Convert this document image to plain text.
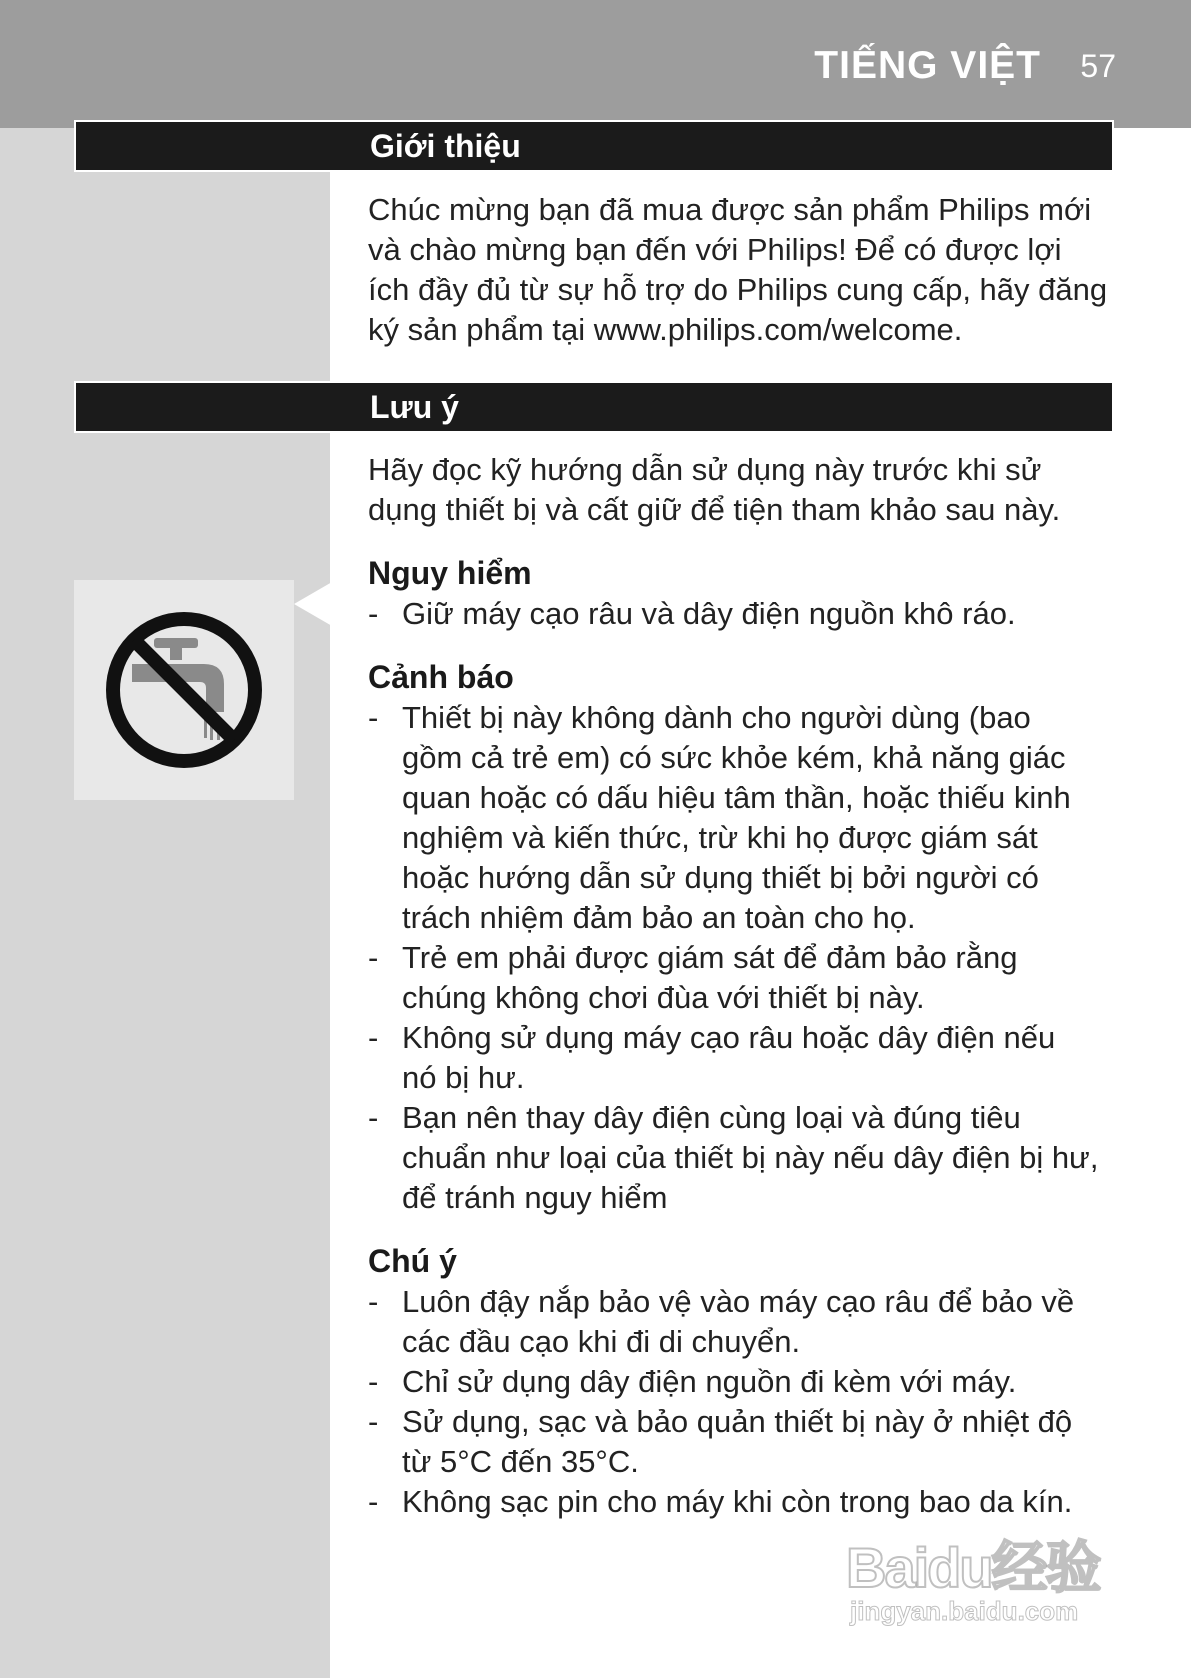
TIẾNG VIỆT 57
Giới thiệu

Chúc mừng bạn đã mua được sản phẩm Philips mới

và chào mừng bạn đến với Philips! Để có được lợi

ích đầy đủ từ sự hỗ trợ do Philips cung cấp, hãy đăng

ký sản phẩm tại www.philips.com/welcome.

Lưu ý

Hãy đọc kỹ hướng dẫn sử dụng này trước khi sử

dụng thiết bị và cất giữ để tiện tham khảo sau này.

Nguy hiểm
- Giữ máy cạo râu và dây điện nguồn khô ráo.
Cảnh báo
- Thiết bị này không dành cho người dùng (bao
gồm cả trẻ em) có sức khỏe kém, khả năng giác
quan hoặc có dấu hiệu tâm thần, hoặc thiếu kinh
nghiệm và kiến thức, trừ khi họ được giám sát
hoặc hướng dẫn sử dụng thiết bị bởi người có
trách nhiệm đảm bảo an toàn cho họ.
- Trẻ em phải được giám sát để đảm bảo rằng
chúng không chơi đùa với thiết bị này.
- Không sử dụng máy cạo râu hoặc dây điện nếu
nó bị hư.
- Bạn nên thay dây điện cùng loại và đúng tiêu
chuẩn như loại của thiết bị này nếu dây điện bị hư,
để tránh nguy hiểm
Chú ý
- Luôn đậy nắp bảo vệ vào máy cạo râu để bảo về
các đầu cạo khi đi di chuyển.
- Chỉ sử dụng dây điện nguồn đi kèm với máy.
- Sử dụng, sạc và bảo quản thiết bị này ở nhiệt độ
từ 5°C đến 35°C.
- Không sạc pin cho máy khi còn trong bao da kín.
Baidu经验
jingyan.baidu.com
